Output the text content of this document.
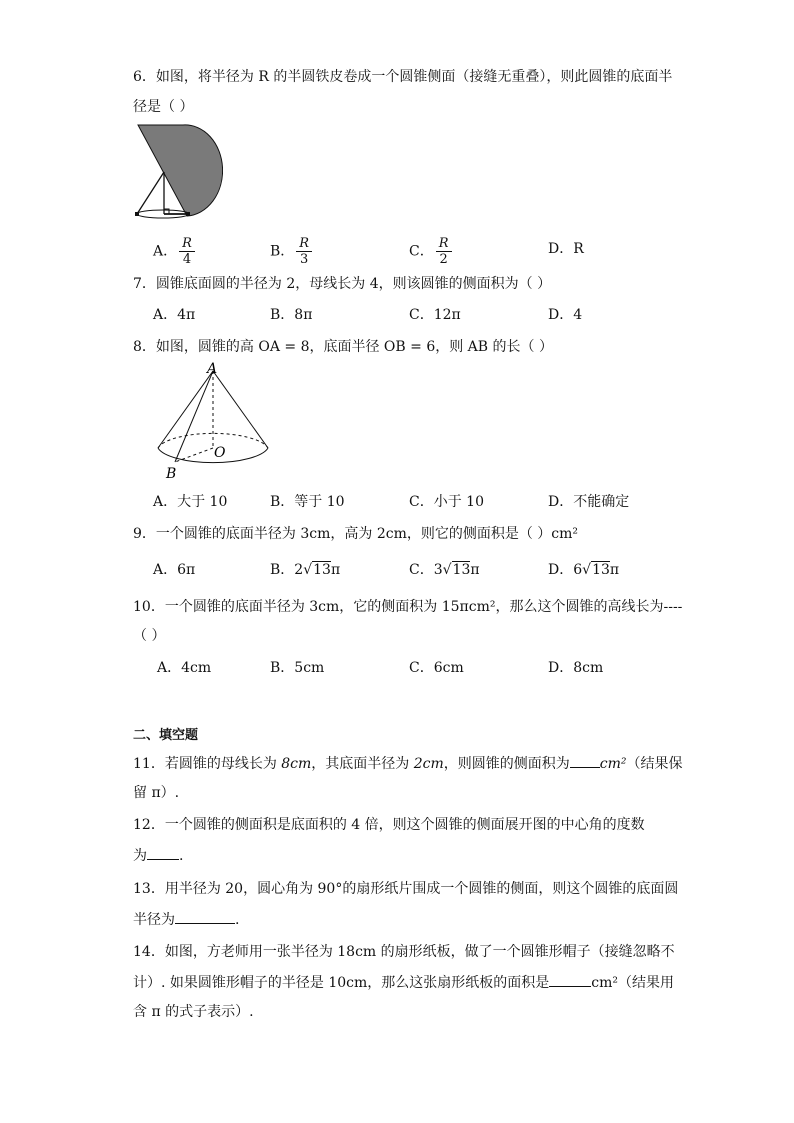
6．如图，将半径为 R 的半圆铁皮卷成一个圆锥侧面（接缝无重叠），则此圆锥的底面半
径是（ ）
A． $\frac{R}{4}$	B． $\frac{R}{3}$	C． $\frac{R}{2}$	D．R
7．圆锥底面圆的半径为 2，母线长为 4，则该圆锥的侧面积为（ ）
A．4π	B．8π	C．12π	D．4
8．如图，圆锥的高 OA = 8，底面半径 OB = 6，则 AB 的长（ ）
A
O
B
A．大于 10	B．等于 10	C．小于 10	D．不能确定
9．一个圆锥的底面半径为 3cm，高为 2cm，则它的侧面积是（ ）cm²
A．6π	B．2√13π	C．3√13π	D．6√13π
10．一个圆锥的底面半径为 3cm，它的侧面积为 15πcm²，那么这个圆锥的高线长为----
（ ）
A．4cm	B．5cm	C．6cm	D．8cm
二、填空题
11．若圆锥的母线长为 8cm，其底面半径为 2cm，则圆锥的侧面积为 cm²（结果保
留 π）.
12．一个圆锥的侧面积是底面积的 4 倍，则这个圆锥的侧面展开图的中心角的度数
为 .
13．用半径为 20，圆心角为 90°的扇形纸片围成一个圆锥的侧面，则这个圆锥的底面圆
半径为	.
14．如图，方老师用一张半径为 18cm 的扇形纸板，做了一个圆锥形帽子（接缝忽略不
计）. 如果圆锥形帽子的半径是 10cm，那么这张扇形纸板的面积是	cm²（结果用
含 π 的式子表示）.
